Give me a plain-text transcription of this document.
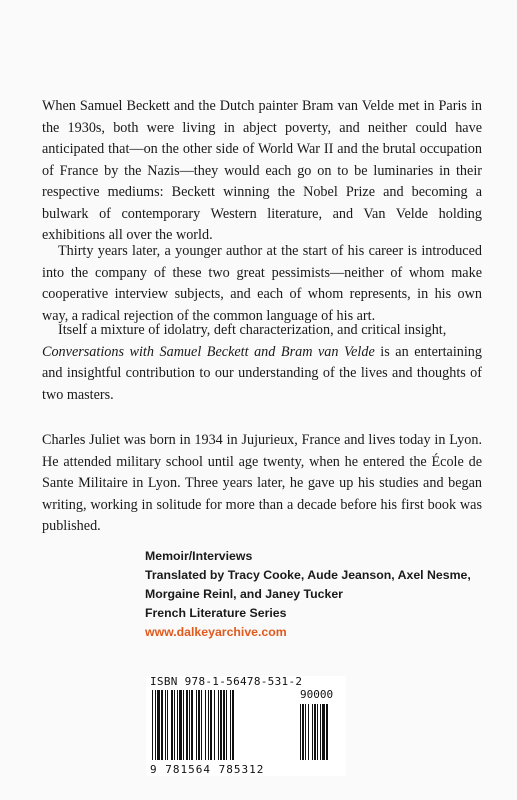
When Samuel Beckett and the Dutch painter Bram van Velde met in Paris in the 1930s, both were living in abject poverty, and neither could have anticipated that—on the other side of World War II and the brutal occupation of France by the Nazis—they would each go on to be luminaries in their respective mediums: Beckett winning the Nobel Prize and becoming a bulwark of contemporary Western literature, and Van Velde holding exhibitions all over the world.

Thirty years later, a younger author at the start of his career is introduced into the company of these two great pessimists—neither of whom make cooperative interview subjects, and each of whom represents, in his own way, a radical rejection of the common language of his art.

Itself a mixture of idolatry, deft characterization, and critical insight,
Conversations with Samuel Beckett and Bram van Velde is an entertaining and insightful contribution to our understanding of the lives and thoughts of two masters.

Charles Juliet was born in 1934 in Jujurieux, France and lives today in Lyon. He attended military school until age twenty, when he entered the École de Sante Militaire in Lyon. Three years later, he gave up his studies and began writing, working in solitude for more than a decade before his first book was published.

Memoir/Interviews
Translated by Tracy Cooke, Aude Jeanson, Axel Nesme,
Morgaine Reinl, and Janey Tucker
French Literature Series
www.dalkeyarchive.com
ISBN 978-1-56478-531-2
90000
9 781564 785312
